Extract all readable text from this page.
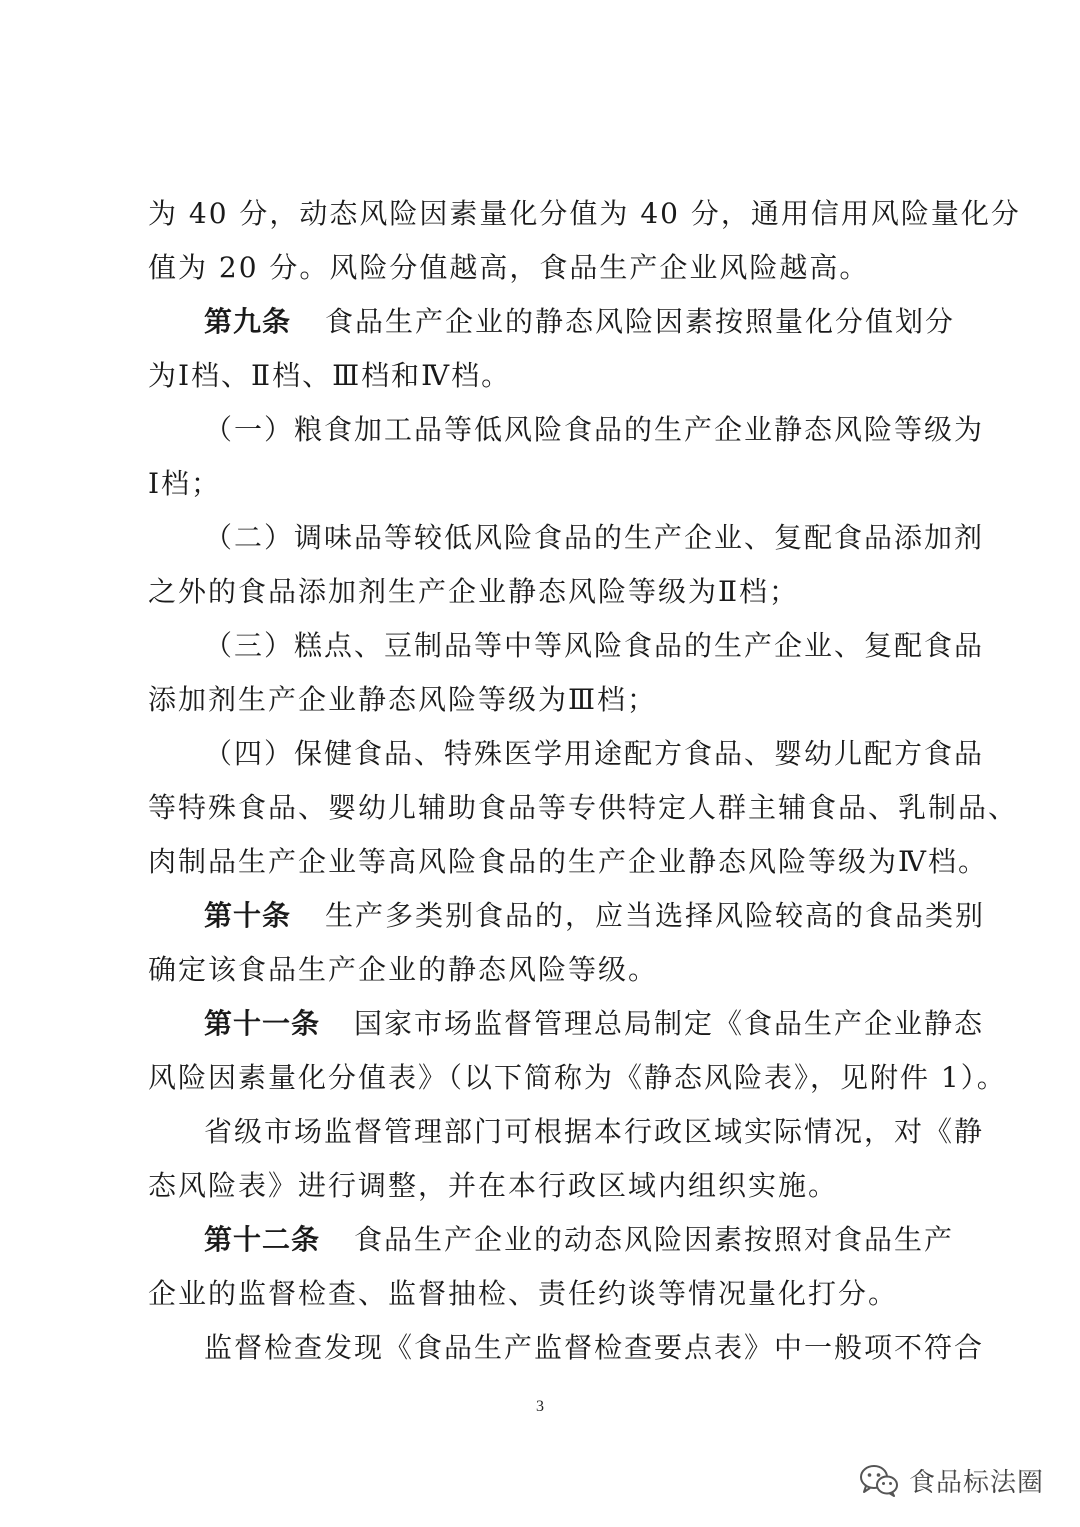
为 40 分，动态风险因素量化分值为 40 分，通用信用风险量化分
值为 20 分。风险分值越高，食品生产企业风险越高。
第九条 食品生产企业的静态风险因素按照量化分值划分
为Ⅰ档、Ⅱ档、Ⅲ档和Ⅳ档。
（一）粮食加工品等低风险食品的生产企业静态风险等级为
Ⅰ档；
（二）调味品等较低风险食品的生产企业、复配食品添加剂
之外的食品添加剂生产企业静态风险等级为Ⅱ档；
（三）糕点、豆制品等中等风险食品的生产企业、复配食品
添加剂生产企业静态风险等级为Ⅲ档；
（四）保健食品、特殊医学用途配方食品、婴幼儿配方食品
等特殊食品、婴幼儿辅助食品等专供特定人群主辅食品、乳制品、
肉制品生产企业等高风险食品的生产企业静态风险等级为Ⅳ档。
第十条 生产多类别食品的，应当选择风险较高的食品类别
确定该食品生产企业的静态风险等级。
第十一条 国家市场监督管理总局制定《食品生产企业静态
风险因素量化分值表》（以下简称为《静态风险表》，见附件 1）。
省级市场监督管理部门可根据本行政区域实际情况，对《静
态风险表》进行调整，并在本行政区域内组织实施。
第十二条 食品生产企业的动态风险因素按照对食品生产
企业的监督检查、监督抽检、责任约谈等情况量化打分。
监督检查发现《食品生产监督检查要点表》中一般项不符合
3
食品标法圈
